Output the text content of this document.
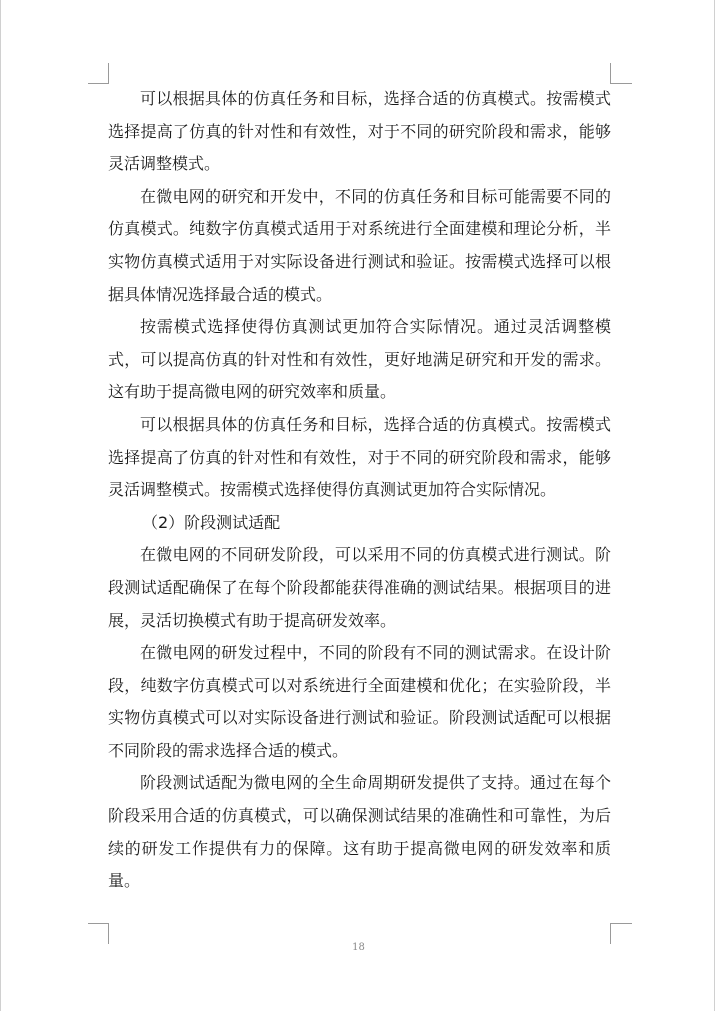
可以根据具体的仿真任务和目标，选择合适的仿真模式。按需模式选择提高了仿真的针对性和有效性，对于不同的研究阶段和需求，能够灵活调整模式。

在微电网的研究和开发中，不同的仿真任务和目标可能需要不同的仿真模式。纯数字仿真模式适用于对系统进行全面建模和理论分析，半实物仿真模式适用于对实际设备进行测试和验证。按需模式选择可以根据具体情况选择最合适的模式。

按需模式选择使得仿真测试更加符合实际情况。通过灵活调整模式，可以提高仿真的针对性和有效性，更好地满足研究和开发的需求。这有助于提高微电网的研究效率和质量。

可以根据具体的仿真任务和目标，选择合适的仿真模式。按需模式选择提高了仿真的针对性和有效性，对于不同的研究阶段和需求，能够灵活调整模式。按需模式选择使得仿真测试更加符合实际情况。

（2）阶段测试适配

在微电网的不同研发阶段，可以采用不同的仿真模式进行测试。阶段测试适配确保了在每个阶段都能获得准确的测试结果。根据项目的进展，灵活切换模式有助于提高研发效率。

在微电网的研发过程中，不同的阶段有不同的测试需求。在设计阶段，纯数字仿真模式可以对系统进行全面建模和优化；在实验阶段，半实物仿真模式可以对实际设备进行测试和验证。阶段测试适配可以根据不同阶段的需求选择合适的模式。

阶段测试适配为微电网的全生命周期研发提供了支持。通过在每个阶段采用合适的仿真模式，可以确保测试结果的准确性和可靠性，为后续的研发工作提供有力的保障。这有助于提高微电网的研发效率和质量。

18
